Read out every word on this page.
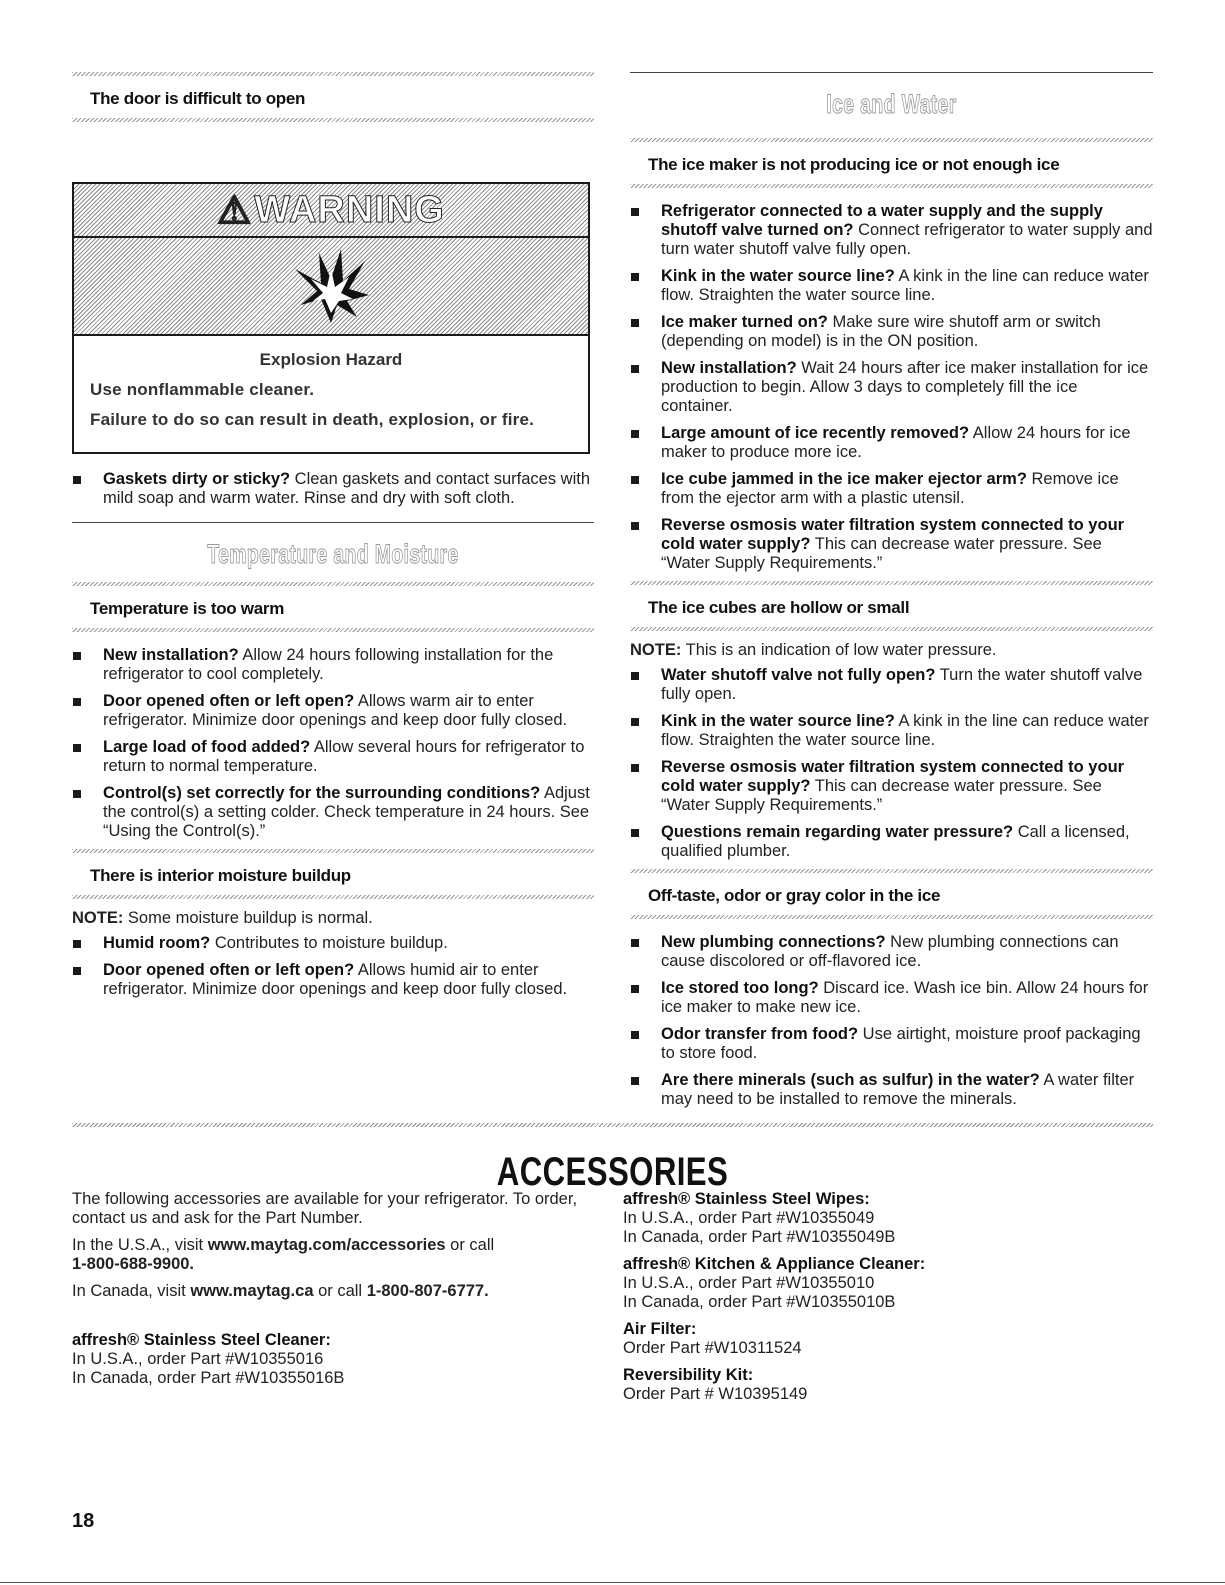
The door is difficult to open
⚠ WARNING
Explosion Hazard
Use nonflammable cleaner.
Failure to do so can result in death, explosion, or fire.
Gaskets dirty or sticky? Clean gaskets and contact surfaces with mild soap and warm water. Rinse and dry with soft cloth.
Temperature and Moisture
Temperature is too warm
New installation? Allow 24 hours following installation for the refrigerator to cool completely.
Door opened often or left open? Allows warm air to enter refrigerator. Minimize door openings and keep door fully closed.
Large load of food added? Allow several hours for refrigerator to return to normal temperature.
Control(s) set correctly for the surrounding conditions? Adjust the control(s) a setting colder. Check temperature in 24 hours. See “Using the Control(s).”
There is interior moisture buildup
NOTE: Some moisture buildup is normal.
Humid room? Contributes to moisture buildup.
Door opened often or left open? Allows humid air to enter refrigerator. Minimize door openings and keep door fully closed.
Ice and Water
The ice maker is not producing ice or not enough ice
Refrigerator connected to a water supply and the supply shutoff valve turned on? Connect refrigerator to water supply and turn water shutoff valve fully open.
Kink in the water source line? A kink in the line can reduce water flow. Straighten the water source line.
Ice maker turned on? Make sure wire shutoff arm or switch (depending on model) is in the ON position.
New installation? Wait 24 hours after ice maker installation for ice production to begin. Allow 3 days to completely fill the ice container.
Large amount of ice recently removed? Allow 24 hours for ice maker to produce more ice.
Ice cube jammed in the ice maker ejector arm? Remove ice from the ejector arm with a plastic utensil.
Reverse osmosis water filtration system connected to your cold water supply? This can decrease water pressure. See “Water Supply Requirements.”
The ice cubes are hollow or small
NOTE: This is an indication of low water pressure.
Water shutoff valve not fully open? Turn the water shutoff valve fully open.
Kink in the water source line? A kink in the line can reduce water flow. Straighten the water source line.
Reverse osmosis water filtration system connected to your cold water supply? This can decrease water pressure. See “Water Supply Requirements.”
Questions remain regarding water pressure? Call a licensed, qualified plumber.
Off-taste, odor or gray color in the ice
New plumbing connections? New plumbing connections can cause discolored or off-flavored ice.
Ice stored too long? Discard ice. Wash ice bin. Allow 24 hours for ice maker to make new ice.
Odor transfer from food? Use airtight, moisture proof packaging to store food.
Are there minerals (such as sulfur) in the water? A water filter may need to be installed to remove the minerals.
ACCESSORIES

The following accessories are available for your refrigerator. To order, contact us and ask for the Part Number.

In the U.S.A., visit www.maytag.com/accessories or call
1-800-688-9900.

In Canada, visit www.maytag.ca or call 1-800-807-6777.

affresh® Stainless Steel Cleaner:
In U.S.A., order Part #W10355016
In Canada, order Part #W10355016B
affresh® Stainless Steel Wipes:
In U.S.A., order Part #W10355049
In Canada, order Part #W10355049B
affresh® Kitchen & Appliance Cleaner:
In U.S.A., order Part #W10355010
In Canada, order Part #W10355010B
Air Filter:
Order Part #W10311524
Reversibility Kit:
Order Part # W10395149
18
